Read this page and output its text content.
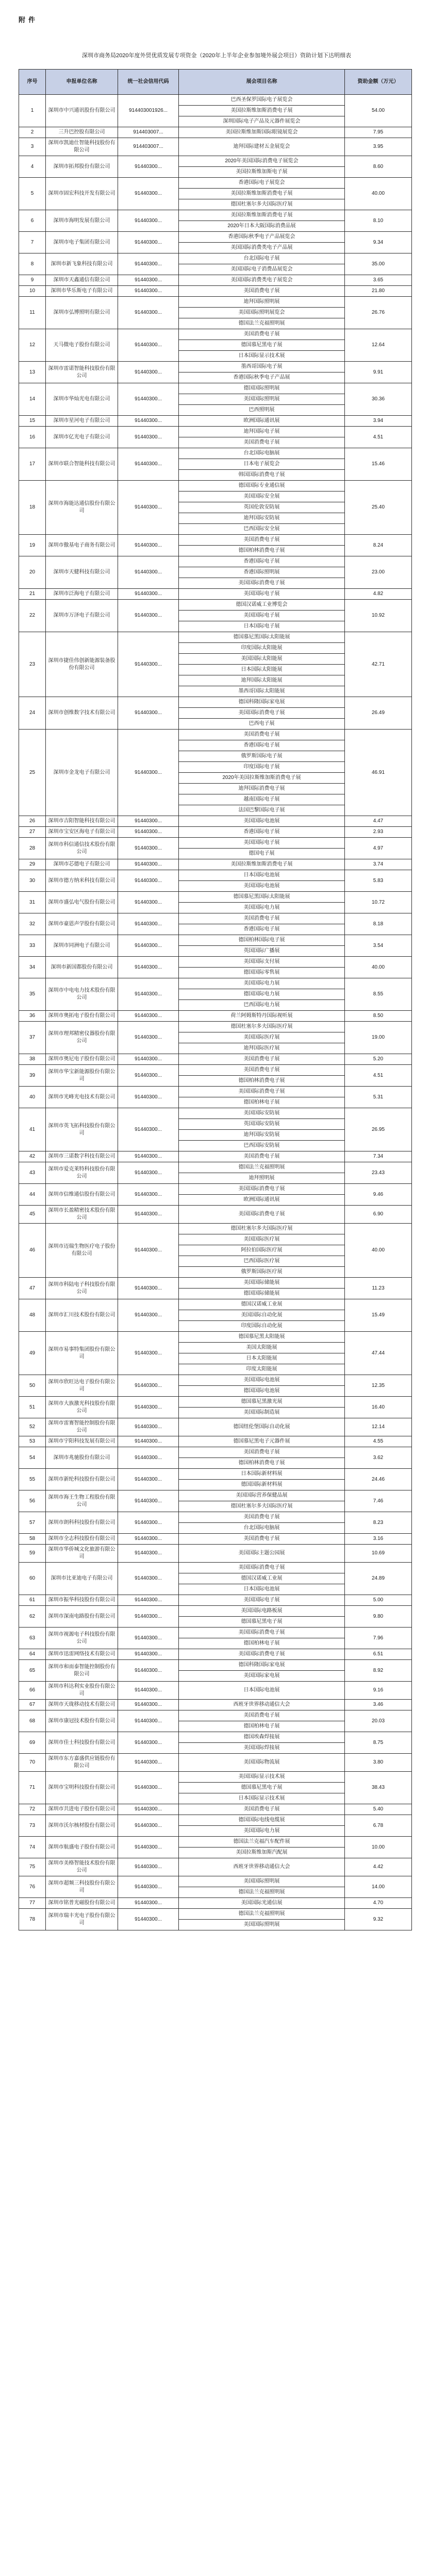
附件
深圳市商务局2020年度外贸优质发展专项资金（2020年上半年企业参加境外展会项目）资助计划下达明细表
序号	申报单位名称	统一社会信用代码	展会项目名称	资助金额（万元）
1	深圳市中兴通讯股份有限公司	914403001926...	巴西圣保罗国际电子展览会	54.00
			美国拉斯维加斯消费电子展	
			深圳国际电子产品及元器件展览会	
2	三升巴控股有限公司	914403007...	美国拉斯维加斯国际眼镜展览会	7.95
3	深圳市凯迪仕智能科技股份有限公司	914403007...	迪拜国际建材五金展览会	3.95
4	深圳市拓邦股份有限公司	91440300...	2020年美国国际消费电子展览会	8.60
			美国拉斯维加斯电子展	
5	深圳市固宏科技开发有限公司	91440300...	香港国际电子展览会	40.00
			美国拉斯维加斯消费电子展	
			德国杜塞尔多夫国际医疗展	
6	深圳市海明发展有限公司	91440300...	美国拉斯维加斯消费电子展	8.10
			2020年日本大阪国际消费品展	
7	深圳市电子集团有限公司	91440300...	香港国际秋季电子产品展览会	9.34
			美国国际消费类电子产品展	
8	深圳市新飞象科技有限公司	91440300...	台北国际电子展	35.00
			美国国际电子消费品展览会	
9	深圳市天鑫通信有限公司	91440300...	美国国际消费类电子展览会	3.65
10	深圳市华乐斯电子有限公司	91440300...	美国消费电子展	21.80
11	深圳市弘博照明有限公司	91440300...	迪拜国际照明展	26.76
			美国国际照明展览会	
			德国法兰克福照明展	
12	天马微电子股份有限公司	91440300...	美国消费电子展	12.64
			德国慕尼黑电子展	
			日本国际显示技术展	
13	深圳市雷诺智能科技股份有限公司	91440300...	墨西哥国际电子展	9.91
			香港国际秋季电子产品展	
14	深圳市华灿光电有限公司	91440300...	德国国际照明展	30.36
			美国国际照明展	
			巴西照明展	
15	深圳市星河电子有限公司	91440300...	欧洲国际通讯展	3.94
16	深圳市亿光电子有限公司	91440300...	迪拜国际电子展	4.51
			美国消费电子展	
17	深圳市联合智能科技有限公司	91440300...	台北国际电脑展	15.46
			日本电子展览会	
			韩国国际消费电子展	
18	深圳市海能达通信股份有限公司	91440300...	德国国际专业通信展	25.40
			美国国际安全展	
			英国伦敦安防展	
			迪拜国际安防展	
			巴西国际安全展	
19	深圳市傲基电子商务有限公司	91440300...	美国消费电子展	8.24
			德国柏林消费电子展	
20	深圳市天健科技有限公司	91440300...	香港国际电子展	23.00
			香港国际照明展	
			美国国际消费电子展	
21	深圳市泛海电子有限公司	91440300...	美国国际电子展	4.82
22	深圳市万泽电子有限公司	91440300...	德国汉诺威工业博览会	10.92
			美国国际电子展	
			日本国际电子展	
23	深圳市捷佳伟创新能源装备股份有限公司	91440300...	德国慕尼黑国际太阳能展	42.71
			印度国际太阳能展	
			美国国际太阳能展	
			日本国际太阳能展	
			迪拜国际太阳能展	
			墨西哥国际太阳能展	
24	深圳市创维数字技术有限公司	91440300...	德国科隆国际家电展	26.49
			美国国际消费电子展	
			巴西电子展	
25	深圳市金龙电子有限公司	91440300...	美国消费电子展	46.91
			香港国际电子展	
			俄罗斯国际电子展	
			印度国际电子展	
			2020年美国拉斯维加斯消费电子展	
			迪拜国际消费电子展	
			越南国际电子展	
			法国巴黎国际电子展	
26	深圳市吉阳智能科技有限公司	91440300...	美国国际电池展	4.47
27	深圳市宝安区海电子有限公司	91440300...	香港国际电子展	2.93
28	深圳市科信通信技术股份有限公司	91440300...	美国国际电子展	4.97
			德国电子展	
29	深圳市芯德电子有限公司	91440300...	美国拉斯维加斯消费电子展	3.74
30	深圳市德方纳米科技有限公司	91440300...	日本国际电池展	5.83
			美国国际电池展	
31	深圳市盛弘电气股份有限公司	91440300...	德国慕尼黑国际太阳能展	10.72
			美国国际电力展	
32	深圳市豪恩声学股份有限公司	91440300...	美国消费电子展	8.18
			香港国际电子展	
33	深圳市同洲电子有限公司	91440300...	德国柏林国际电子展	3.54
			英国国际广播展	
34	深圳市新国都股份有限公司	91440300...	美国国际支付展	40.00
			德国国际零售展	
35	深圳市中电电力技术股份有限公司	91440300...	美国国际电力展	8.55
			德国国际电力展	
			巴西国际电力展	
36	深圳市奥拓电子股份有限公司	91440300...	荷兰阿姆斯特丹国际视听展	8.50
37	深圳市理邦精密仪器股份有限公司	91440300...	德国杜塞尔多夫国际医疗展	19.00
			美国国际医疗展	
			迪拜国际医疗展	
38	深圳市奥尼电子股份有限公司	91440300...	美国消费电子展	5.20
39	深圳市华宝新能源股份有限公司	91440300...	美国消费电子展	4.51
			德国柏林消费电子展	
40	深圳市光峰光电技术有限公司	91440300...	美国国际消费电子展	5.31
			德国柏林电子展	
41	深圳市英飞拓科技股份有限公司	91440300...	美国国际安防展	26.95
			英国国际安防展	
			迪拜国际安防展	
			巴西国际安防展	
42	深圳市三诺数字科技有限公司	91440300...	美国消费电子展	7.34
43	深圳市爱克莱特科技股份有限公司	91440300...	德国法兰克福照明展	23.43
			迪拜照明展	
44	深圳市信维通信股份有限公司	91440300...	美国国际消费电子展	9.46
			欧洲国际通讯展	
45	深圳市长盈精密技术股份有限公司	91440300...	美国国际消费电子展	6.90
46	深圳市迈瑞生物医疗电子股份有限公司	91440300...	德国杜塞尔多夫国际医疗展	40.00
			美国国际医疗展	
			阿拉伯国际医疗展	
			巴西国际医疗展	
			俄罗斯国际医疗展	
47	深圳市科陆电子科技股份有限公司	91440300...	美国国际储能展	11.23
			德国国际储能展	
48	深圳市汇川技术股份有限公司	91440300...	德国汉诺威工业展	15.49
			美国国际自动化展	
			印度国际自动化展	
49	深圳市易事特集团股份有限公司	91440300...	德国慕尼黑太阳能展	47.44
			美国太阳能展	
			日本太阳能展	
			印度太阳能展	
50	深圳市欣旺达电子股份有限公司	91440300...	美国国际电池展	12.35
			德国国际电池展	
51	深圳市大族激光科技股份有限公司	91440300...	德国慕尼黑激光展	16.40
			美国国际制造展	
52	深圳市雷赛智能控制股份有限公司	91440300...	德国纽伦堡国际自动化展	12.14
53	深圳市宇阳科技发展有限公司	91440300...	德国慕尼黑电子元器件展	4.55
54	深圳市兆驰股份有限公司	91440300...	美国消费电子展	3.62
			德国柏林消费电子展	
55	深圳市新纶科技股份有限公司	91440300...	日本国际新材料展	24.46
			德国国际新材料展	
56	深圳市海王生物工程股份有限公司	91440300...	美国国际营养保健品展	7.46
			德国杜塞尔多夫国际医疗展	
57	深圳市朗科科技股份有限公司	91440300...	美国消费电子展	8.23
			台北国际电脑展	
58	深圳市全志科技股份有限公司	91440300...	美国消费电子展	3.16
59	深圳市华侨城文化旅游有限公司	91440300...	美国国际主题公园展	10.69
60	深圳市比亚迪电子有限公司	91440300...	美国国际消费电子展	24.89
			德国汉诺威工业展	
			日本国际电池展	
61	深圳市振华科技股份有限公司	91440300...	美国国际电子展	5.00
62	深圳市深南电路股份有限公司	91440300...	美国国际电路板展	9.80
			德国慕尼黑电子展	
63	深圳市视源电子科技股份有限公司	91440300...	美国国际消费电子展	7.96
			德国柏林电子展	
64	深圳市迅雷网络技术有限公司	91440300...	美国国际消费电子展	6.51
65	深圳市和而泰智能控制股份有限公司	91440300...	德国科隆国际家电展	8.92
			美国国际家电展	
66	深圳市科达利实业股份有限公司	91440300...	日本国际电池展	9.16
67	深圳市天珑移动技术有限公司	91440300...	西班牙世界移动通信大会	3.46
68	深圳市康冠技术股份有限公司	91440300...	美国消费电子展	20.03
			德国柏林电子展	
69	深圳市佳士科技股份有限公司	91440300...	德国埃森焊接展	8.75
			美国国际焊接展	
70	深圳市东方嘉盛供应链股份有限公司	91440300...	美国国际物流展	3.80
71	深圳市宝明科技股份有限公司	91440300...	美国国际显示技术展	38.43
			德国慕尼黑电子展	
			日本国际显示技术展	
72	深圳市共进电子股份有限公司	91440300...	美国消费电子展	5.40
73	深圳市沃尔核材股份有限公司	91440300...	德国国际电线电缆展	6.78
			美国国际电力展	
74	深圳市航盛电子股份有限公司	91440300...	德国法兰克福汽车配件展	10.00
			美国拉斯维加斯汽配展	
75	深圳市美格智能技术股份有限公司	91440300...	西班牙世界移动通信大会	4.42
76	深圳市超频三科技股份有限公司	91440300...	美国国际照明展	14.00
			德国法兰克福照明展	
77	深圳市铭普光磁股份有限公司	91440300...	美国国际光通信展	4.70
78	深圳市瑞丰光电子股份有限公司	91440300...	德国法兰克福照明展	9.32
			美国国际照明展	
